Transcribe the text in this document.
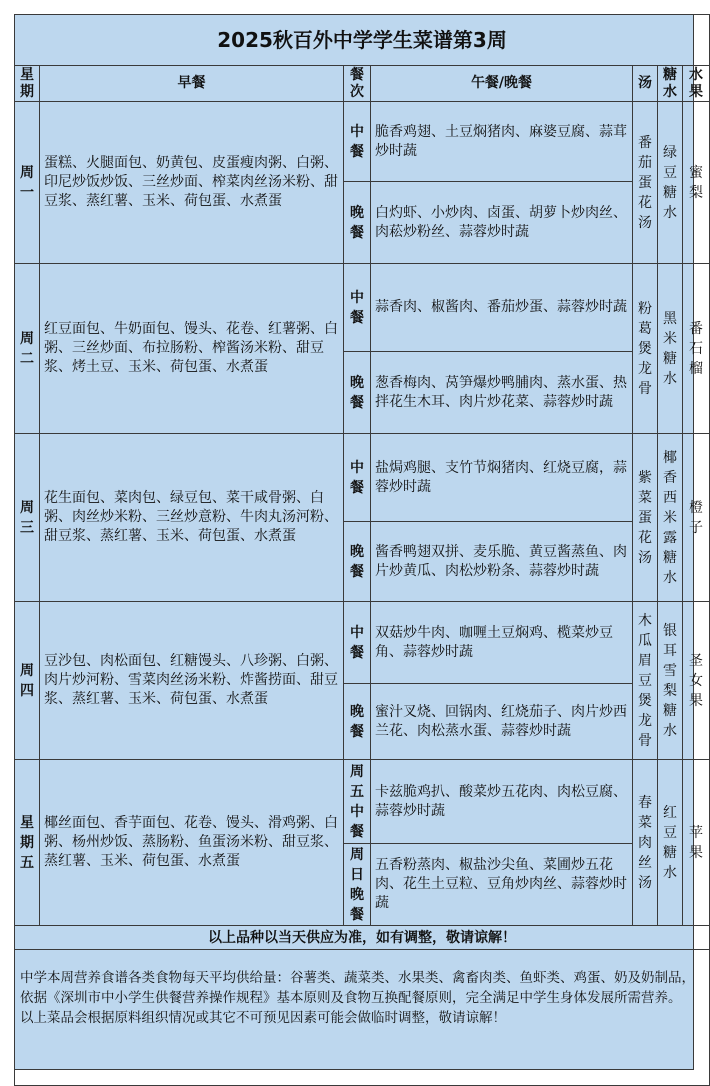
2025秋百外中学学生菜谱第3周						
星期	早餐	餐次	午餐/晚餐	汤	糖水	水果
周一	蛋糕、火腿面包、奶黄包、皮蛋瘦肉粥、白粥、印尼炒饭炒饭、三丝炒面、榨菜肉丝汤米粉、甜豆浆、蒸红薯、玉米、荷包蛋、水煮蛋	中餐	脆香鸡翅、土豆焖猪肉、麻婆豆腐、蒜茸炒时蔬	番茄蛋花汤	绿豆糖水	蜜梨
		晚餐	白灼虾、小炒肉、卤蛋、胡萝卜炒肉丝、肉菘炒粉丝、蒜蓉炒时蔬			
周二	红豆面包、牛奶面包、馒头、花卷、红薯粥、白粥、三丝炒面、布拉肠粉、榨酱汤米粉、甜豆浆、烤土豆、玉米、荷包蛋、水煮蛋	中餐	蒜香肉、椒酱肉、番茄炒蛋、蒜蓉炒时蔬	粉葛煲龙骨	黑米糖水	番石榴
		晚餐	葱香梅肉、莴笋爆炒鸭脯肉、蒸水蛋、热拌花生木耳、肉片炒花菜、蒜蓉炒时蔬			
周三	花生面包、菜肉包、绿豆包、菜干咸骨粥、白粥、肉丝炒米粉、三丝炒意粉、牛肉丸汤河粉、甜豆浆、蒸红薯、玉米、荷包蛋、水煮蛋	中餐	盐焗鸡腿、支竹节焖猪肉、红烧豆腐，蒜蓉炒时蔬	紫菜蛋花汤	椰香西米露糖水	橙子
		晚餐	酱香鸭翅双拼、麦乐脆、黄豆酱蒸鱼、肉片炒黄瓜、肉松炒粉条、蒜蓉炒时蔬			
周四	豆沙包、肉松面包、红糖馒头、八珍粥、白粥、肉片炒河粉、雪菜肉丝汤米粉、炸酱捞面、甜豆浆、蒸红薯、玉米、荷包蛋、水煮蛋	中餐	双菇炒牛肉、咖喱土豆焖鸡、榄菜炒豆角、蒜蓉炒时蔬	木瓜眉豆煲龙骨	银耳雪梨糖水	圣女果
		晚餐	蜜汁叉烧、回锅肉、红烧茄子、肉片炒西兰花、肉松蒸水蛋、蒜蓉炒时蔬			
星期五	椰丝面包、香芋面包、花卷、馒头、滑鸡粥、白粥、杨州炒饭、蒸肠粉、鱼蛋汤米粉、甜豆浆、蒸红薯、玉米、荷包蛋、水煮蛋	周五中餐	卡兹脆鸡扒、酸菜炒五花肉、肉松豆腐、蒜蓉炒时蔬	春菜肉丝汤	红豆糖水	苹果
		周日晚餐	五香粉蒸肉、椒盐沙尖鱼、菜圃炒五花肉、花生土豆粒、豆角炒肉丝、蒜蓉炒时蔬			
以上品种以当天供应为准，如有调整，敬请谅解！						

中学本周营养食谱各类食物每天平均供给量：谷薯类、蔬菜类、水果类、禽畜肉类、鱼虾类、鸡蛋、奶及奶制品，依据《深圳市中小学生供餐营养操作规程》基本原则及食物互换配餐原则，完全满足中学生身体发展所需营养。

以上菜品会根据原料组织情况或其它不可预见因素可能会做临时调整，敬请谅解！						
